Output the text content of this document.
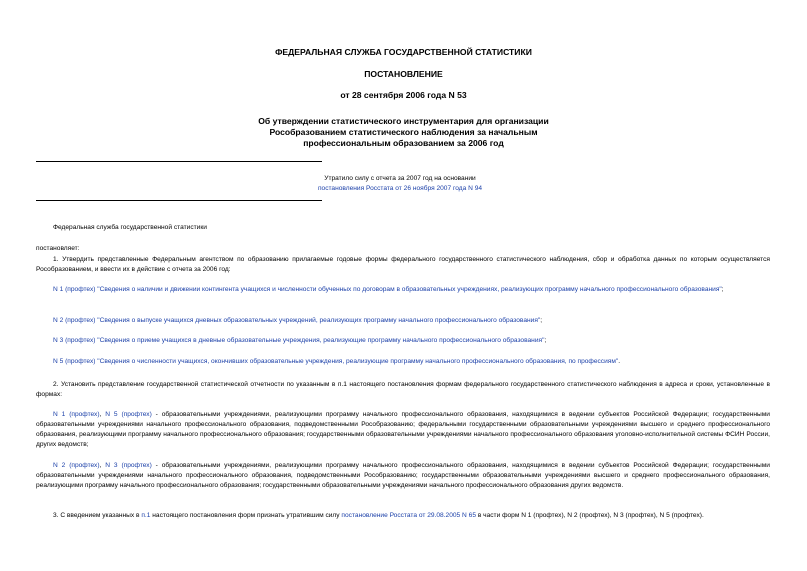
ФЕДЕРАЛЬНАЯ СЛУЖБА ГОСУДАРСТВЕННОЙ СТАТИСТИКИ
ПОСТАНОВЛЕНИЕ
от 28 сентября 2006 года N 53
Об утверждении статистического инструментария для организации
Рособразованием статистического наблюдения за начальным
профессиональным образованием за 2006 год
Утратило силу с отчета за 2007 год на основании
постановления Росстата от 26 ноября 2007 года N 94
Федеральная служба государственной статистики
постановляет:
1. Утвердить представленные Федеральным агентством по образованию прилагаемые годовые формы федерального государственного статистического наблюдения, сбор и обработка данных по которым осуществляется Рособразованием, и ввести их в действие с отчета за 2006 год:
N 1 (профтех) "Сведения о наличии и движении контингента учащихся и численности обученных по договорам в образовательных учреждениях, реализующих программу начального профессионального образования";
N 2 (профтех) "Сведения о выпуске учащихся дневных образовательных учреждений, реализующих программу начального профессионального образования";
N 3 (профтех) "Сведения о приеме учащихся в дневные образовательные учреждения, реализующие программу начального профессионального образования";
N 5 (профтех) "Сведения о численности учащихся, окончивших образовательные учреждения, реализующие программу начального профессионального образования, по профессиям".
2. Установить представление государственной статистической отчетности по указанным в п.1 настоящего постановления формам федерального государственного статистического наблюдения в адреса и сроки, установленные в формах:
N 1 (профтех), N 5 (профтех) - образовательными учреждениями, реализующими программу начального профессионального образования, находящимися в ведении субъектов Российской Федерации; государственными образовательными учреждениями начального профессионального образования, подведомственными Рособразованию; федеральными государственными образовательными учреждениями высшего и среднего профессионального образования, реализующими программу начального профессионального образования; государственными образовательными учреждениями начального профессионального образования уголовно-исполнительной системы ФСИН России, других ведомств;
N 2 (профтех), N 3 (профтех) - образовательными учреждениями, реализующими программу начального профессионального образования, находящимися в ведении субъектов Российской Федерации; государственными образовательными учреждениями начального профессионального образования, подведомственными Рособразованию; государственными образовательными учреждениями высшего и среднего профессионального образования, реализующими программу начального профессионального образования; государственными образовательными учреждениями начального профессионального образования других ведомств.
3. С введением указанных в п.1 настоящего постановления форм признать утратившим силу постановление Росстата от 29.08.2005 N 65 в части форм N 1 (профтех), N 2 (профтех), N 3 (профтех), N 5 (профтех).
